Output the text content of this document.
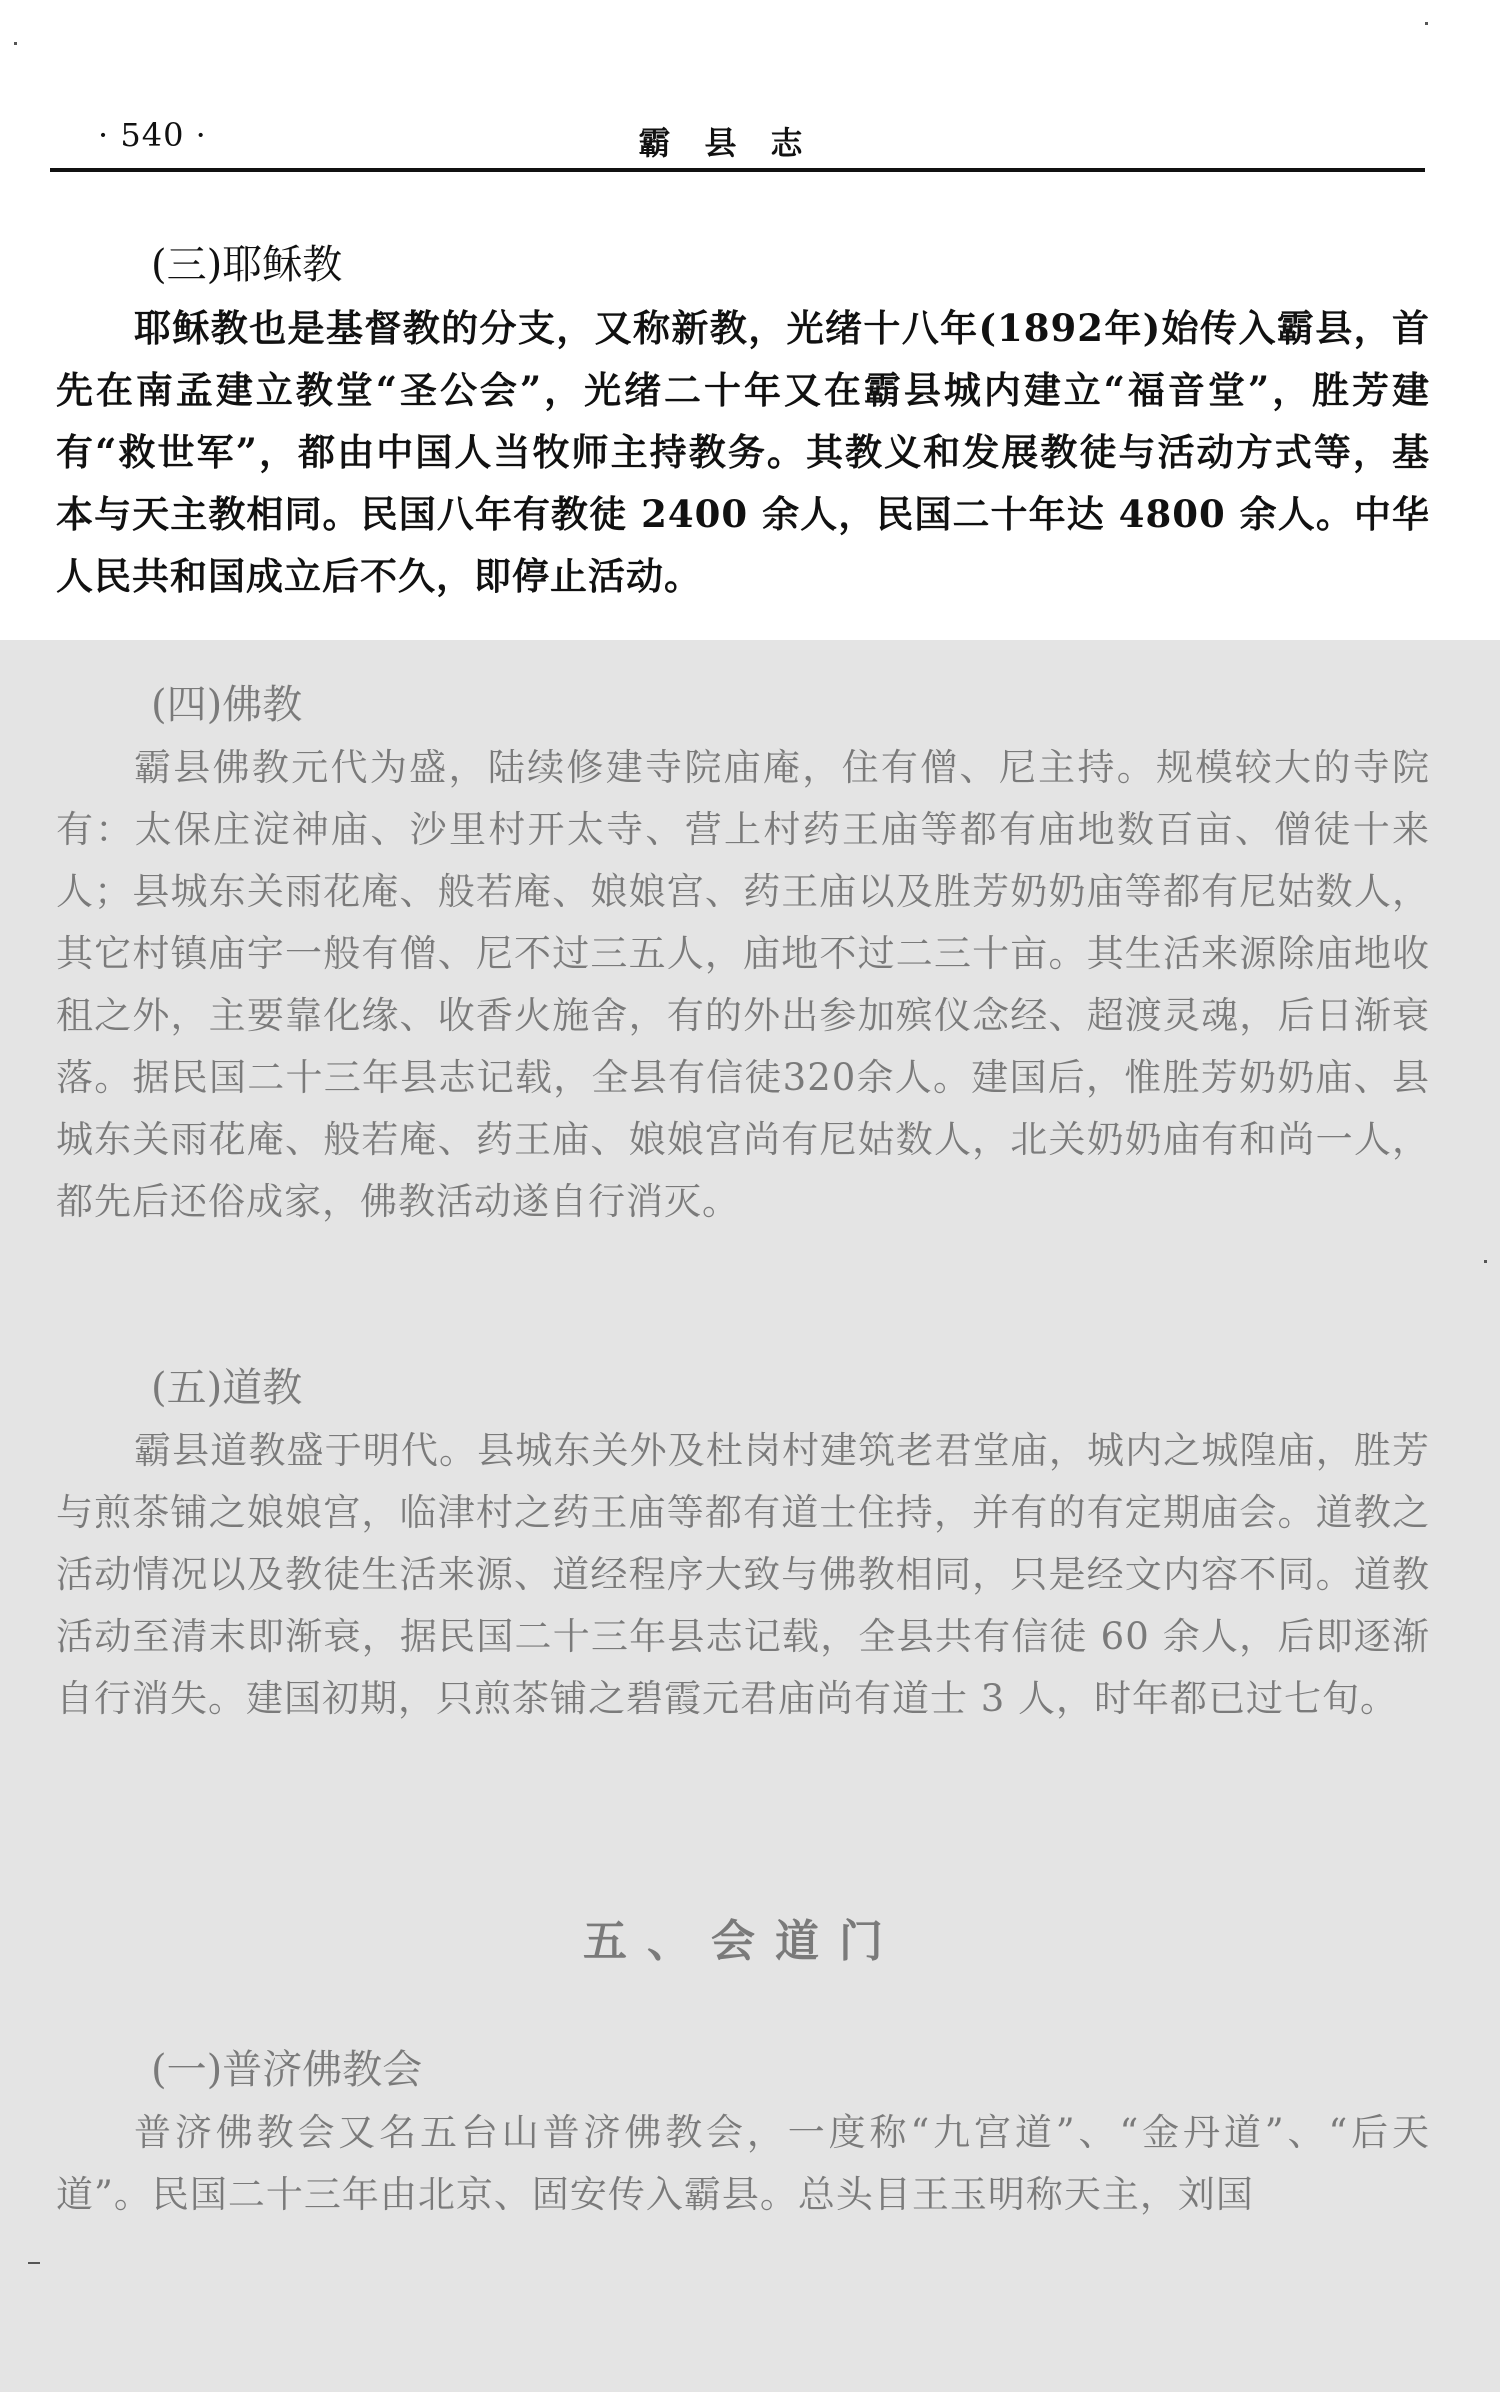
· 540 ·	霸县志
(三)耶稣教

耶稣教也是基督教的分支，又称新教，光绪十八年(1892年)始传入霸县，首先在南孟建立教堂“圣公会”，光绪二十年又在霸县城内建立“福音堂”，胜芳建有“救世军”，都由中国人当牧师主持教务。其教义和发展教徒与活动方式等，基本与天主教相同。民国八年有教徒 2400 余人，民国二十年达 4800 余人。中华人民共和国成立后不久，即停止活动。

(四)佛教

霸县佛教元代为盛，陆续修建寺院庙庵，住有僧、尼主持。规模较大的寺院有：太保庄淀神庙、沙里村开太寺、营上村药王庙等都有庙地数百亩、僧徒十来人；县城东关雨花庵、般若庵、娘娘宫、药王庙以及胜芳奶奶庙等都有尼姑数人，其它村镇庙宇一般有僧、尼不过三五人，庙地不过二三十亩。其生活来源除庙地收租之外，主要靠化缘、收香火施舍，有的外出参加殡仪念经、超渡灵魂，后日渐衰落。据民国二十三年县志记载，全县有信徒320余人。建国后，惟胜芳奶奶庙、县城东关雨花庵、般若庵、药王庙、娘娘宫尚有尼姑数人，北关奶奶庙有和尚一人，都先后还俗成家，佛教活动遂自行消灭。

(五)道教

霸县道教盛于明代。县城东关外及杜岗村建筑老君堂庙，城内之城隍庙，胜芳与煎茶铺之娘娘宫，临津村之药王庙等都有道士住持，并有的有定期庙会。道教之活动情况以及教徒生活来源、道经程序大致与佛教相同，只是经文内容不同。道教活动至清末即渐衰，据民国二十三年县志记载，全县共有信徒 60 余人，后即逐渐自行消失。建国初期，只煎茶铺之碧霞元君庙尚有道士 3 人，时年都已过七旬。

五、会道门
(一)普济佛教会

普济佛教会又名五台山普济佛教会，一度称“九宫道”、“金丹道”、“后天道”。民国二十三年由北京、固安传入霸县。总头目王玉明称天主，刘国
